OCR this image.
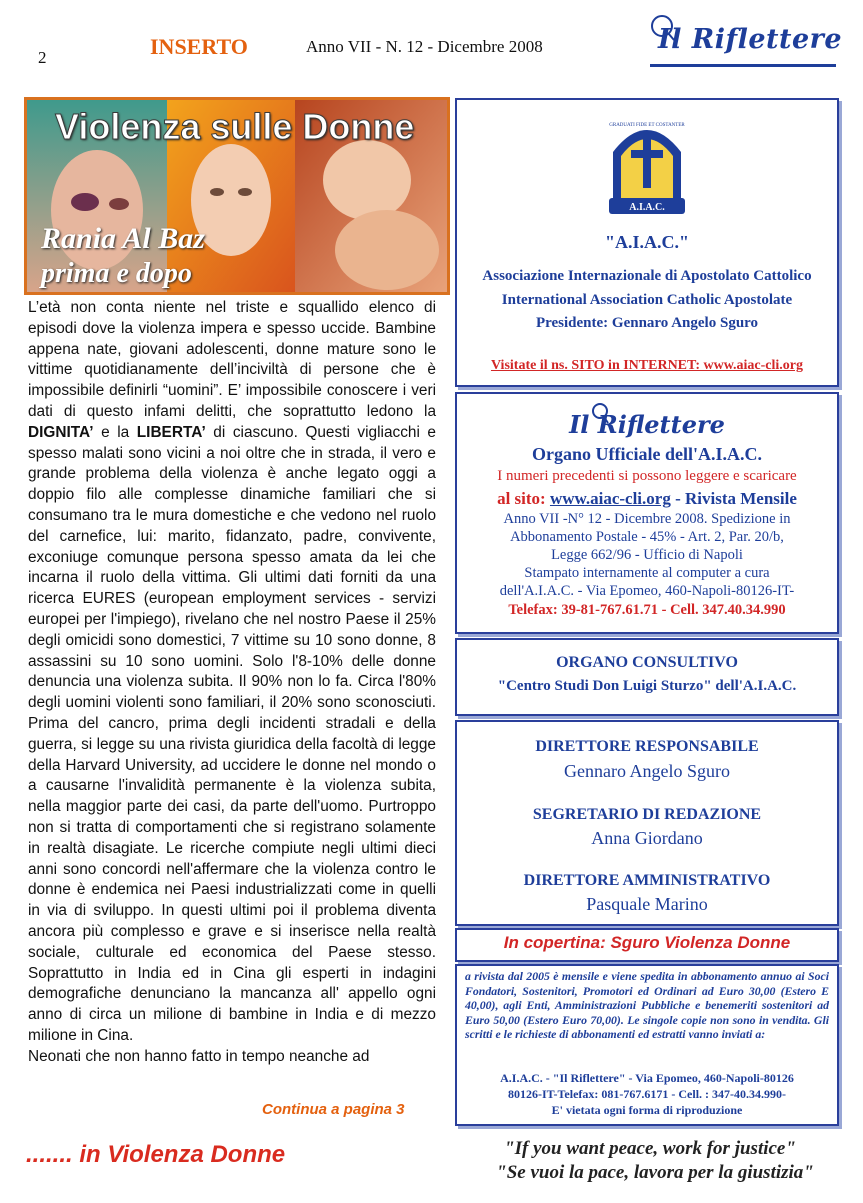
2	INSERTO	Anno VII - N. 12 - Dicembre 2008	Il Riflettere
Violenza sulle Donne
Rania Al Baz
prima e dopo

L’età non conta niente nel triste e squallido elenco di episodi dove la violenza impera e spesso uccide. Bambine appena nate, giovani adolescenti, donne mature sono le vittime quotidianamente dell’inciviltà di persone che è impossibile definirli “uomini”. E’ impossibile conoscere i veri dati di questo infami delitti, che soprattutto ledono la DIGNITA’ e la LIBERTA’ di ciascuno. Questi vigliacchi e spesso malati sono vicini a noi oltre che in strada, il vero e grande problema della violenza è anche legato oggi a doppio filo alle complesse dinamiche familiari che si consumano tra le mura domestiche e che vedono nel ruolo del carnefice, lui: marito, fidanzato, padre, convivente, exconiuge comunque persona spesso amata da lei che incarna il ruolo della vittima. Gli ultimi dati forniti da una ricerca EURES (european employment services - servizi europei per l'impiego), rivelano che nel nostro Paese il 25% degli omicidi sono domestici, 7 vittime su 10 sono donne, 8 assassini su 10 sono uomini. Solo l'8-10% delle donne denuncia una violenza subita. Il 90% non lo fa. Circa l'80% degli uomini violenti sono familiari, il 20% sono sconosciuti. Prima del cancro, prima degli incidenti stradali e della guerra, si legge su una rivista giuridica della facoltà di legge della Harvard University, ad uccidere le donne nel mondo o a causarne l'invalidità permanente è la violenza subita, nella maggior parte dei casi, da parte dell'uomo. Purtroppo non si tratta di comportamenti che si registrano solamente in realtà disagiate. Le ricerche compiute negli ultimi dieci anni sono concordi nell'affermare che la violenza contro le donne è endemica nei Paesi industrializzati come in quelli in via di sviluppo. In questi ultimi poi il problema diventa ancora più complesso e grave e si inserisce nella realtà sociale, culturale ed economica del Paese stesso. Soprattutto in India ed in Cina gli esperti in indagini demografiche denunciano la mancanza all' appello ogni anno di circa un milione di bambine in India e di mezzo milione in Cina.

Neonati che non hanno fatto in tempo neanche ad

Continua a pagina 3
A.I.A.C.
GRADUATI FIDE ET COSTANTER
"A.I.A.C."
Associazione Internazionale di Apostolato Cattolico
International Association Catholic Apostolate
Presidente: Gennaro Angelo Sguro
Visitate il ns. SITO in INTERNET: www.aiac-cli.org
Il Riflettere
Organo Ufficiale dell'A.I.A.C.
I numeri precedenti si possono leggere e scaricare
al sito: www.aiac-cli.org - Rivista Mensile
Anno VII -N° 12 - Dicembre 2008. Spedizione in
Abbonamento Postale - 45% - Art. 2, Par. 20/b,
Legge 662/96 - Ufficio di Napoli
Stampato internamente al computer a cura
dell'A.I.A.C. - Via Epomeo, 460-Napoli-80126-IT-
Telefax: 39-81-767.61.71 - Cell. 347.40.34.990
ORGANO CONSULTIVO
"Centro Studi Don Luigi Sturzo" dell'A.I.A.C.
DIRETTORE RESPONSABILE
Gennaro Angelo Sguro
SEGRETARIO DI REDAZIONE
Anna Giordano
DIRETTORE AMMINISTRATIVO
Pasquale Marino
In copertina: Sguro Violenza Donne
a rivista dal 2005 è mensile e viene spedita in abbonamento annuo ai Soci Fondatori, Sostenitori, Promotori ed Ordinari ad Euro 30,00 (Estero E 40,00), agli Enti, Amministrazioni Pubbliche e benemeriti sostenitori ad Euro 50,00 (Estero Euro 70,00). Le singole copie non sono in vendita. Gli scritti e le richieste di abbonamenti ed estratti vanno inviati a:
A.I.A.C. - "Il Riflettere" - Via Epomeo, 460-Napoli-80126
80126-IT-Telefax: 081-767.6171 - Cell. : 347-40.34.990-
E' vietata ogni forma di riproduzione
....... in Violenza Donne	"If you want peace, work for justice"
"Se vuoi la pace, lavora per la giustizia"
